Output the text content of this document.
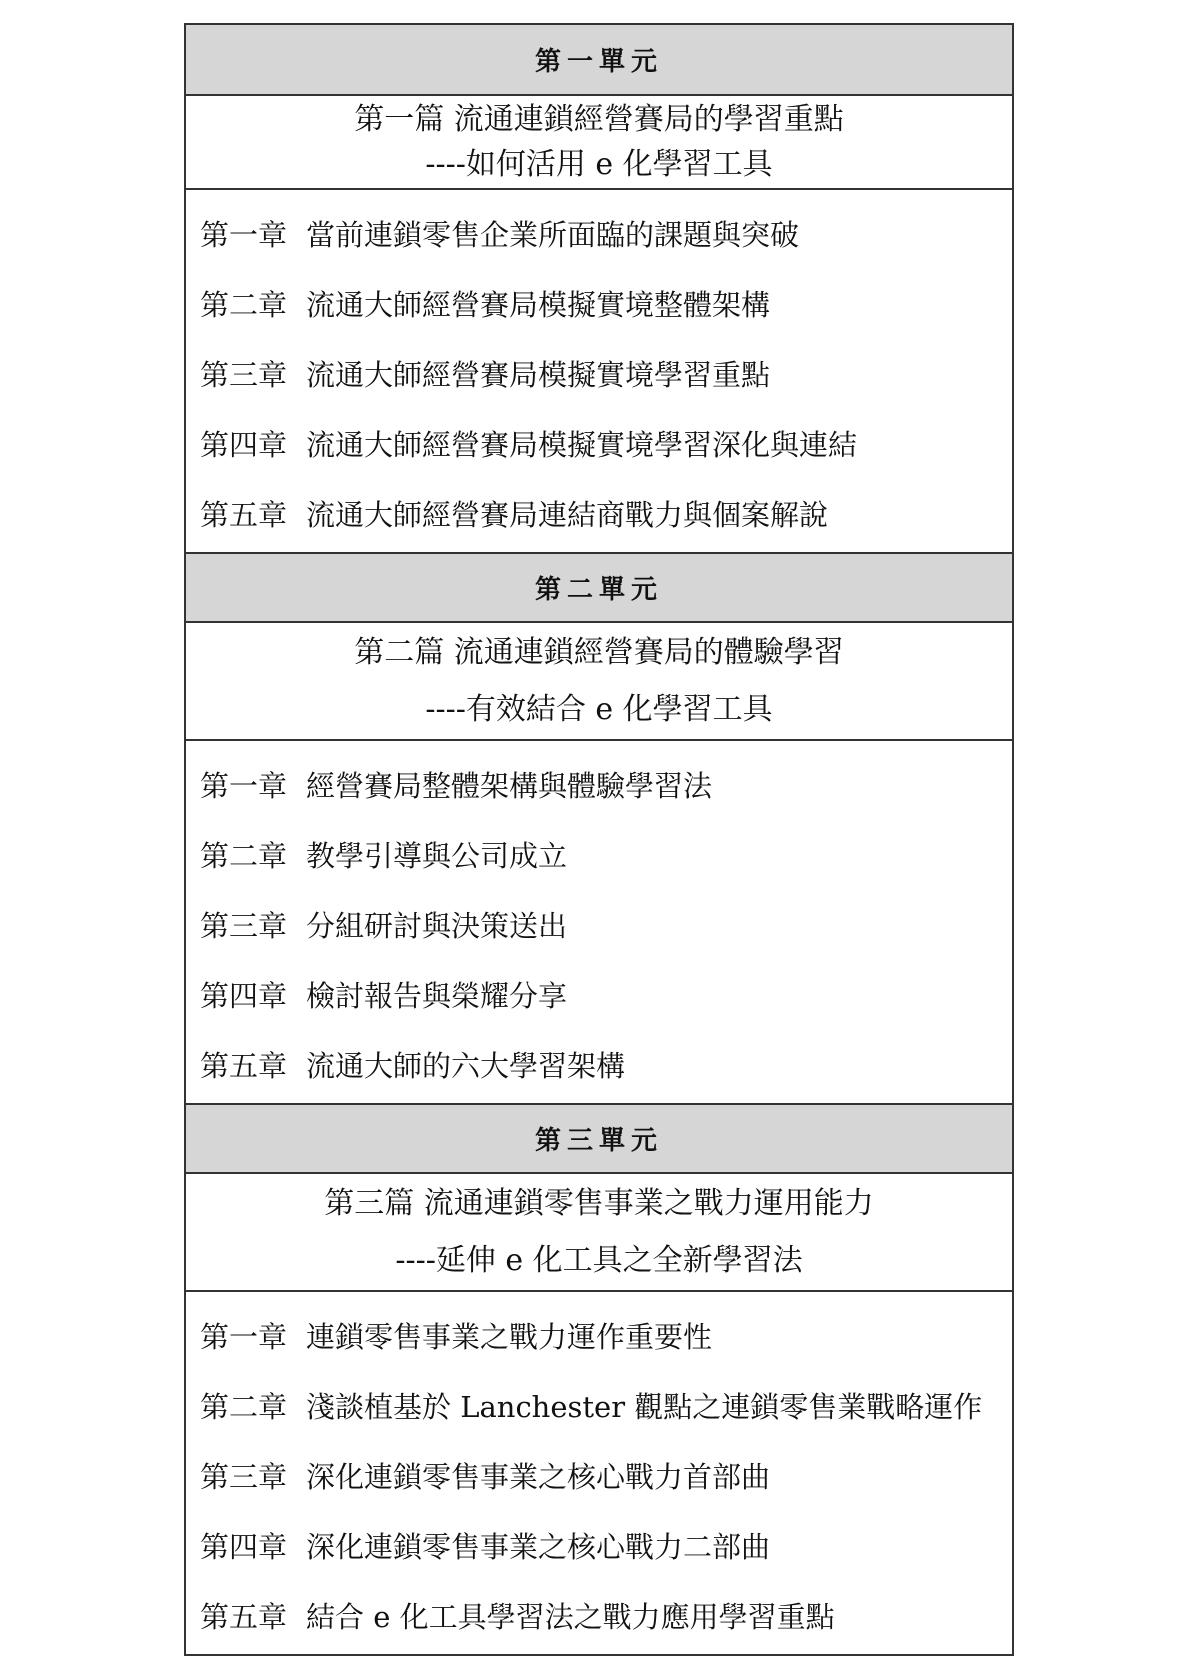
第一單元
第一篇 流通連鎖經營賽局的學習重點
----如何活用 e 化學習工具
第一章 當前連鎖零售企業所面臨的課題與突破
第二章 流通大師經營賽局模擬實境整體架構
第三章 流通大師經營賽局模擬實境學習重點
第四章 流通大師經營賽局模擬實境學習深化與連結
第五章 流通大師經營賽局連結商戰力與個案解說
第二單元
第二篇 流通連鎖經營賽局的體驗學習
----有效結合 e 化學習工具
第一章 經營賽局整體架構與體驗學習法
第二章 教學引導與公司成立
第三章 分組研討與決策送出
第四章 檢討報告與榮耀分享
第五章 流通大師的六大學習架構
第三單元
第三篇 流通連鎖零售事業之戰力運用能力
----延伸 e 化工具之全新學習法
第一章 連鎖零售事業之戰力運作重要性
第二章 淺談植基於 Lanchester 觀點之連鎖零售業戰略運作
第三章 深化連鎖零售事業之核心戰力首部曲
第四章 深化連鎖零售事業之核心戰力二部曲
第五章 結合 e 化工具學習法之戰力應用學習重點
